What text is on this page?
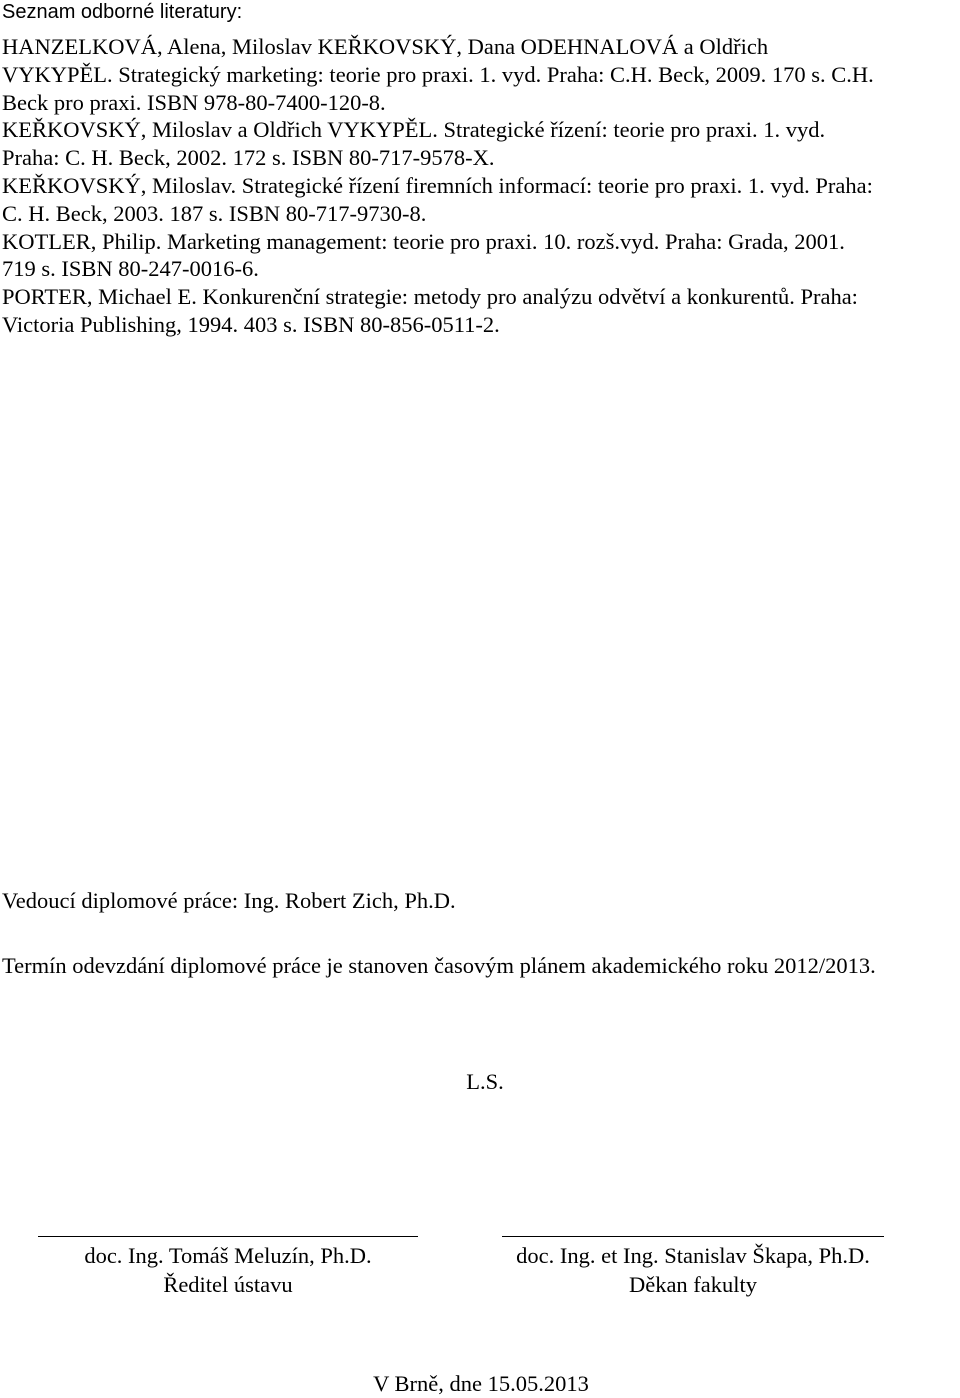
Seznam odborné literatury:
HANZELKOVÁ, Alena, Miloslav KEŘKOVSKÝ, Dana ODEHNALOVÁ a Oldřich
VYKYPĚL. Strategický marketing: teorie pro praxi. 1. vyd. Praha: C.H. Beck, 2009. 170 s. C.H.
Beck pro praxi. ISBN 978-80-7400-120-8.
KEŘKOVSKÝ, Miloslav a Oldřich VYKYPĚL. Strategické řízení: teorie pro praxi. 1. vyd.
Praha: C. H. Beck, 2002. 172 s. ISBN 80-717-9578-X.
KEŘKOVSKÝ, Miloslav. Strategické řízení firemních informací: teorie pro praxi. 1. vyd. Praha:
C. H. Beck, 2003. 187 s. ISBN 80-717-9730-8.
KOTLER, Philip. Marketing management: teorie pro praxi. 10. rozš.vyd. Praha: Grada, 2001.
719 s. ISBN 80-247-0016-6.
PORTER, Michael E. Konkurenční strategie: metody pro analýzu odvětví a konkurentů. Praha:
Victoria Publishing, 1994. 403 s. ISBN 80-856-0511-2.
Vedoucí diplomové práce: Ing. Robert Zich, Ph.D.
Termín odevzdání diplomové práce je stanoven časovým plánem akademického roku 2012/2013.
L.S.
doc. Ing. Tomáš Meluzín, Ph.D.
Ředitel ústavu
doc. Ing. et Ing. Stanislav Škapa, Ph.D.
Děkan fakulty
V Brně, dne 15.05.2013
